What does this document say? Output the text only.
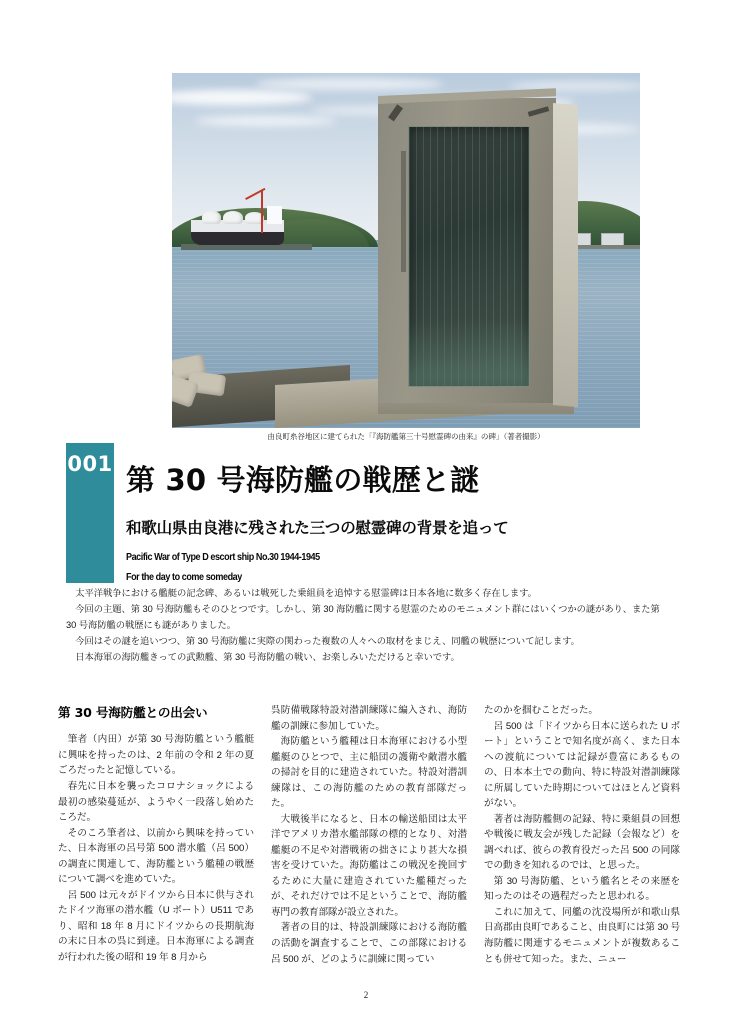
由良町糸谷地区に建てられた「『海防艦第三十号慰霊碑の由来』の碑」（著者撮影）
001 第 30 号海防艦の戦歴と謎
和歌山県由良港に残された三つの慰霊碑の背景を追って
Pacific War of Type D escort ship No.30 1944-1945
For the day to come someday

太平洋戦争における艦艇の記念碑、あるいは戦死した乗組員を追悼する慰霊碑は日本各地に数多く存在します。

今回の主題、第 30 号海防艦もそのひとつです。しかし、第 30 海防艦に関する慰霊のためのモニュメント群にはいくつかの謎があり、また第 30 号海防艦の戦歴にも謎がありました。

今回はその謎を追いつつ、第 30 号海防艦に実際の関わった複数の人々への取材をまじえ、同艦の戦歴について記します。

日本海軍の海防艦きっての武勲艦、第 30 号海防艦の戦い、お楽しみいただけると幸いです。

第 30 号海防艦との出会い

筆者（内田）が第 30 号海防艦という艦艇に興味を持ったのは、2 年前の令和 2 年の夏ごろだったと記憶している。

春先に日本を襲ったコロナショックによる最初の感染蔓延が、ようやく一段落し始めたころだ。

そのころ筆者は、以前から興味を持っていた、日本海軍の呂号第 500 潜水艦（呂 500）の調査に関連して、海防艦という艦種の戦歴について調べを進めていた。

呂 500 は元々がドイツから日本に供与されたドイツ海軍の潜水艦（U ボート）U511 であり、昭和 18 年 8 月にドイツからの長期航海の末に日本の呉に到達。日本海軍による調査が行われた後の昭和 19 年 8 月から

呉防備戦隊特設対潜訓練隊に編入され、海防艦の訓練に参加していた。

海防艦という艦種は日本海軍における小型艦艇のひとつで、主に船団の護衛や敵潜水艦の掃討を目的に建造されていた。特設対潜訓練隊は、この海防艦のための教育部隊だった。

大戦後半になると、日本の輸送船団は太平洋でアメリカ潜水艦部隊の標的となり、対潜艦艇の不足や対潜戦術の拙さにより甚大な損害を受けていた。海防艦はこの戦況を挽回するために大量に建造されていた艦種だったが、それだけでは不足ということで、海防艦専門の教育部隊が設立された。

著者の目的は、特設訓練隊における海防艦の活動を調査することで、この部隊における呂 500 が、どのように訓練に関ってい

たのかを掴むことだった。

呂 500 は「ドイツから日本に送られた U ボート」ということで知名度が高く、また日本への渡航については記録が豊富にあるものの、日本本土での動向、特に特設対潜訓練隊に所属していた時期についてはほとんど資料がない。

著者は海防艦側の記録、特に乗組員の回想や戦後に戦友会が残した記録（会報など）を調べれば、彼らの教育役だった呂 500 の同隊での動きを知れるのでは、と思った。

第 30 号海防艦、という艦名とその来歴を知ったのはその過程だったと思われる。

これに加えて、同艦の沈没場所が和歌山県日高郡由良町であること、由良町には第 30 号海防艦に関連するモニュメントが複数あることも併せて知った。また、ニュー

2
